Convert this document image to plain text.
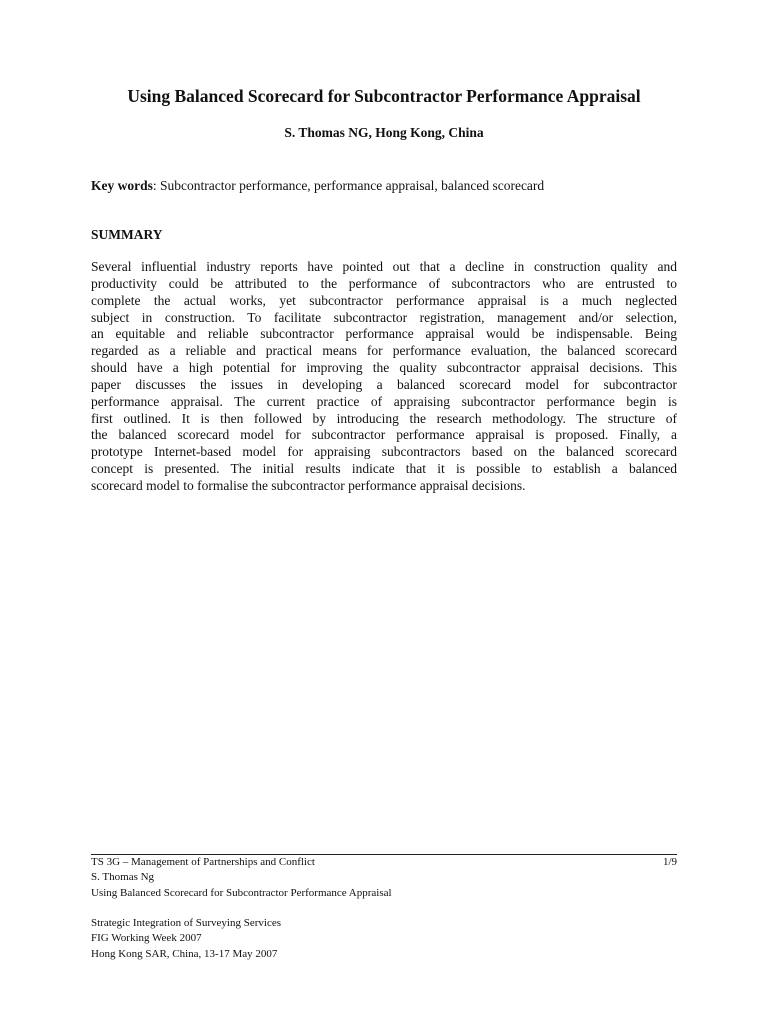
Using Balanced Scorecard for Subcontractor Performance Appraisal
S. Thomas NG, Hong Kong, China
Key words: Subcontractor performance, performance appraisal, balanced scorecard
SUMMARY
Several influential industry reports have pointed out that a decline in construction quality and
productivity could be attributed to the performance of subcontractors who are entrusted to
complete the actual works, yet subcontractor performance appraisal is a much neglected
subject in construction. To facilitate subcontractor registration, management and/or selection,
an equitable and reliable subcontractor performance appraisal would be indispensable. Being
regarded as a reliable and practical means for performance evaluation, the balanced scorecard
should have a high potential for improving the quality subcontractor appraisal decisions. This
paper discusses the issues in developing a balanced scorecard model for subcontractor
performance appraisal. The current practice of appraising subcontractor performance begin is
first outlined. It is then followed by introducing the research methodology. The structure of
the balanced scorecard model for subcontractor performance appraisal is proposed. Finally, a
prototype Internet-based model for appraising subcontractors based on the balanced scorecard
concept is presented. The initial results indicate that it is possible to establish a balanced
scorecard model to formalise the subcontractor performance appraisal decisions.
1/9
TS 3G – Management of Partnerships and Conflict
S. Thomas Ng
Using Balanced Scorecard for Subcontractor Performance Appraisal
Strategic Integration of Surveying Services
FIG Working Week 2007
Hong Kong SAR, China, 13-17 May 2007
